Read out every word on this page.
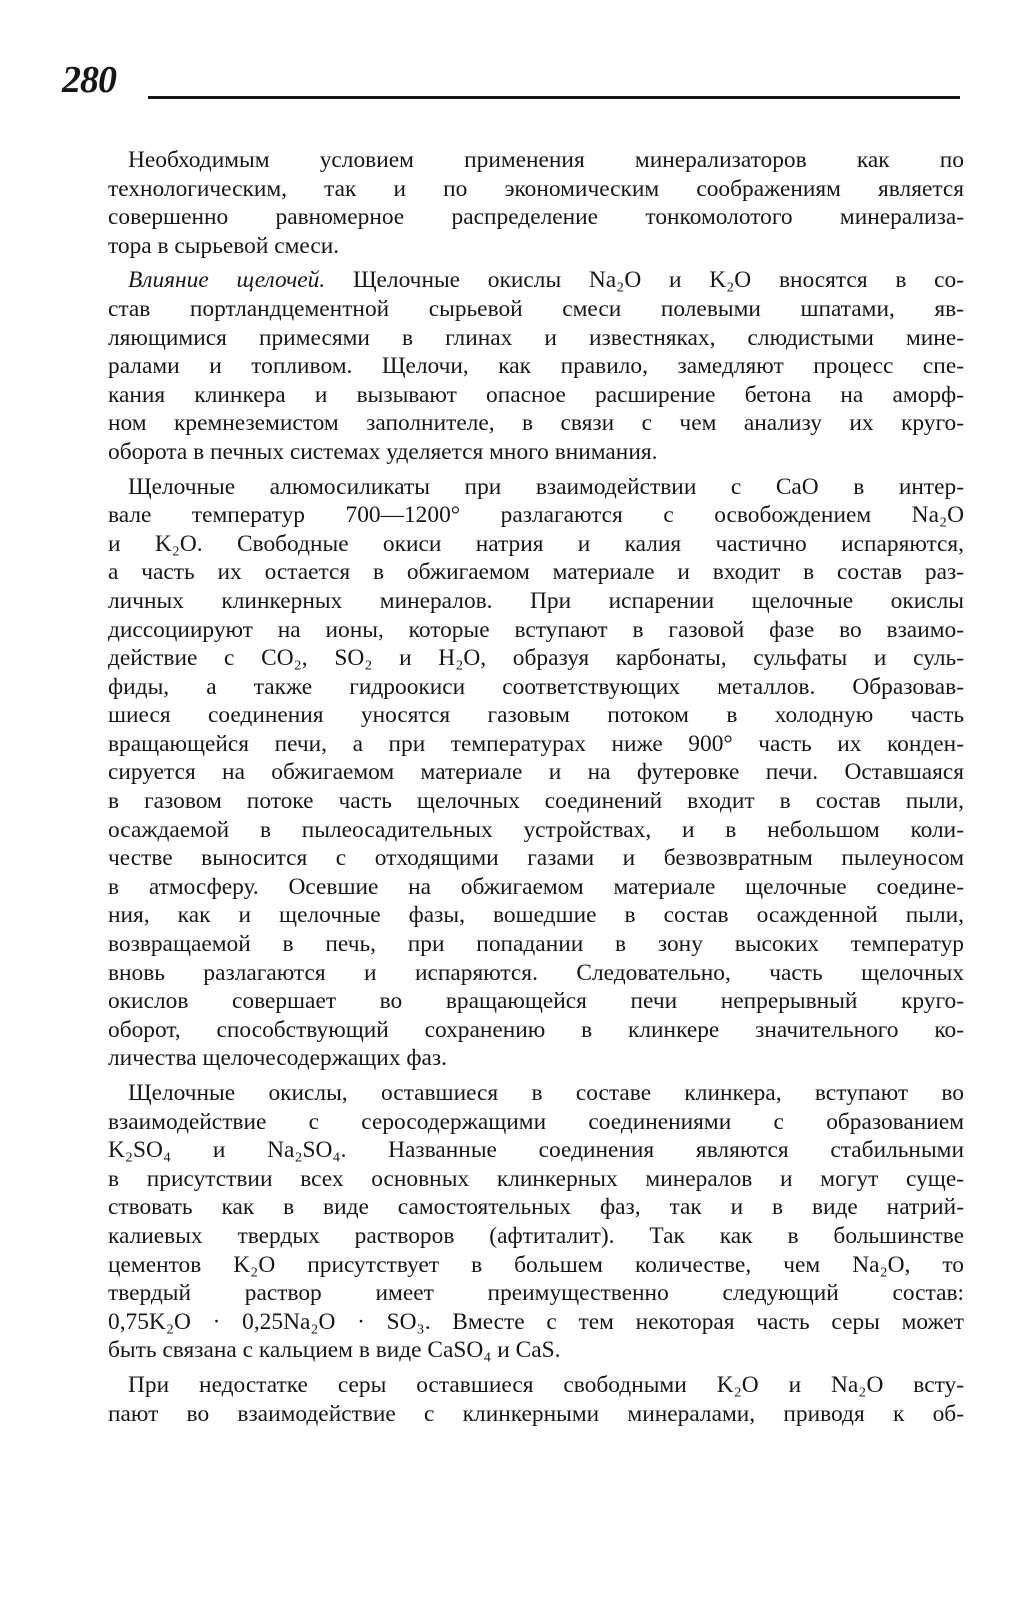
280
Необходимым условием применения минерализаторов как по
технологическим, так и по экономическим соображениям является
совершенно равномерное распределение тонкомолотого минерализа-
тора в сырьевой смеси.
Влияние щелочей. Щелочные окислы Na₂O и K₂O вносятся в со-
став портландцементной сырьевой смеси полевыми шпатами, яв-
ляющимися примесями в глинах и известняках, слюдистыми мине-
ралами и топливом. Щелочи, как правило, замедляют процесс спе-
кания клинкера и вызывают опасное расширение бетона на аморф-
ном кремнеземистом заполнителе, в связи с чем анализу их круго-
оборота в печных системах уделяется много внимания.
Щелочные алюмосиликаты при взаимодействии с CaO в интер-
вале температур 700—1200° разлагаются с освобождением Na₂O
и K₂O. Свободные окиси натрия и калия частично испаряются,
а часть их остается в обжигаемом материале и входит в состав раз-
личных клинкерных минералов. При испарении щелочные окислы
диссоциируют на ионы, которые вступают в газовой фазе во взаимо-
действие с CO₂, SO₂ и H₂O, образуя карбонаты, сульфаты и суль-
фиды, а также гидроокиси соответствующих металлов. Образовав-
шиеся соединения уносятся газовым потоком в холодную часть
вращающейся печи, а при температурах ниже 900° часть их конден-
сируется на обжигаемом материале и на футеровке печи. Оставшаяся
в газовом потоке часть щелочных соединений входит в состав пыли,
осаждаемой в пылеосадительных устройствах, и в небольшом коли-
честве выносится с отходящими газами и безвозвратным пылеуносом
в атмосферу. Осевшие на обжигаемом материале щелочные соедине-
ния, как и щелочные фазы, вошедшие в состав осажденной пыли,
возвращаемой в печь, при попадании в зону высоких температур
вновь разлагаются и испаряются. Следовательно, часть щелочных
окислов совершает во вращающейся печи непрерывный круго-
оборот, способствующий сохранению в клинкере значительного ко-
личества щелочесодержащих фаз.
Щелочные окислы, оставшиеся в составе клинкера, вступают во
взаимодействие с серосодержащими соединениями с образованием
K₂SO₄ и Na₂SO₄. Названные соединения являются стабильными
в присутствии всех основных клинкерных минералов и могут суще-
ствовать как в виде самостоятельных фаз, так и в виде натрий-
калиевых твердых растворов (афтиталит). Так как в большинстве
цементов K₂O присутствует в большем количестве, чем Na₂O, то
твердый раствор имеет преимущественно следующий состав:
0,75K₂O · 0,25Na₂O · SO₃. Вместе с тем некоторая часть серы может
быть связана с кальцием в виде CaSO₄ и CaS.
При недостатке серы оставшиеся свободными K₂O и Na₂O всту-
пают во взаимодействие с клинкерными минералами, приводя к об-
